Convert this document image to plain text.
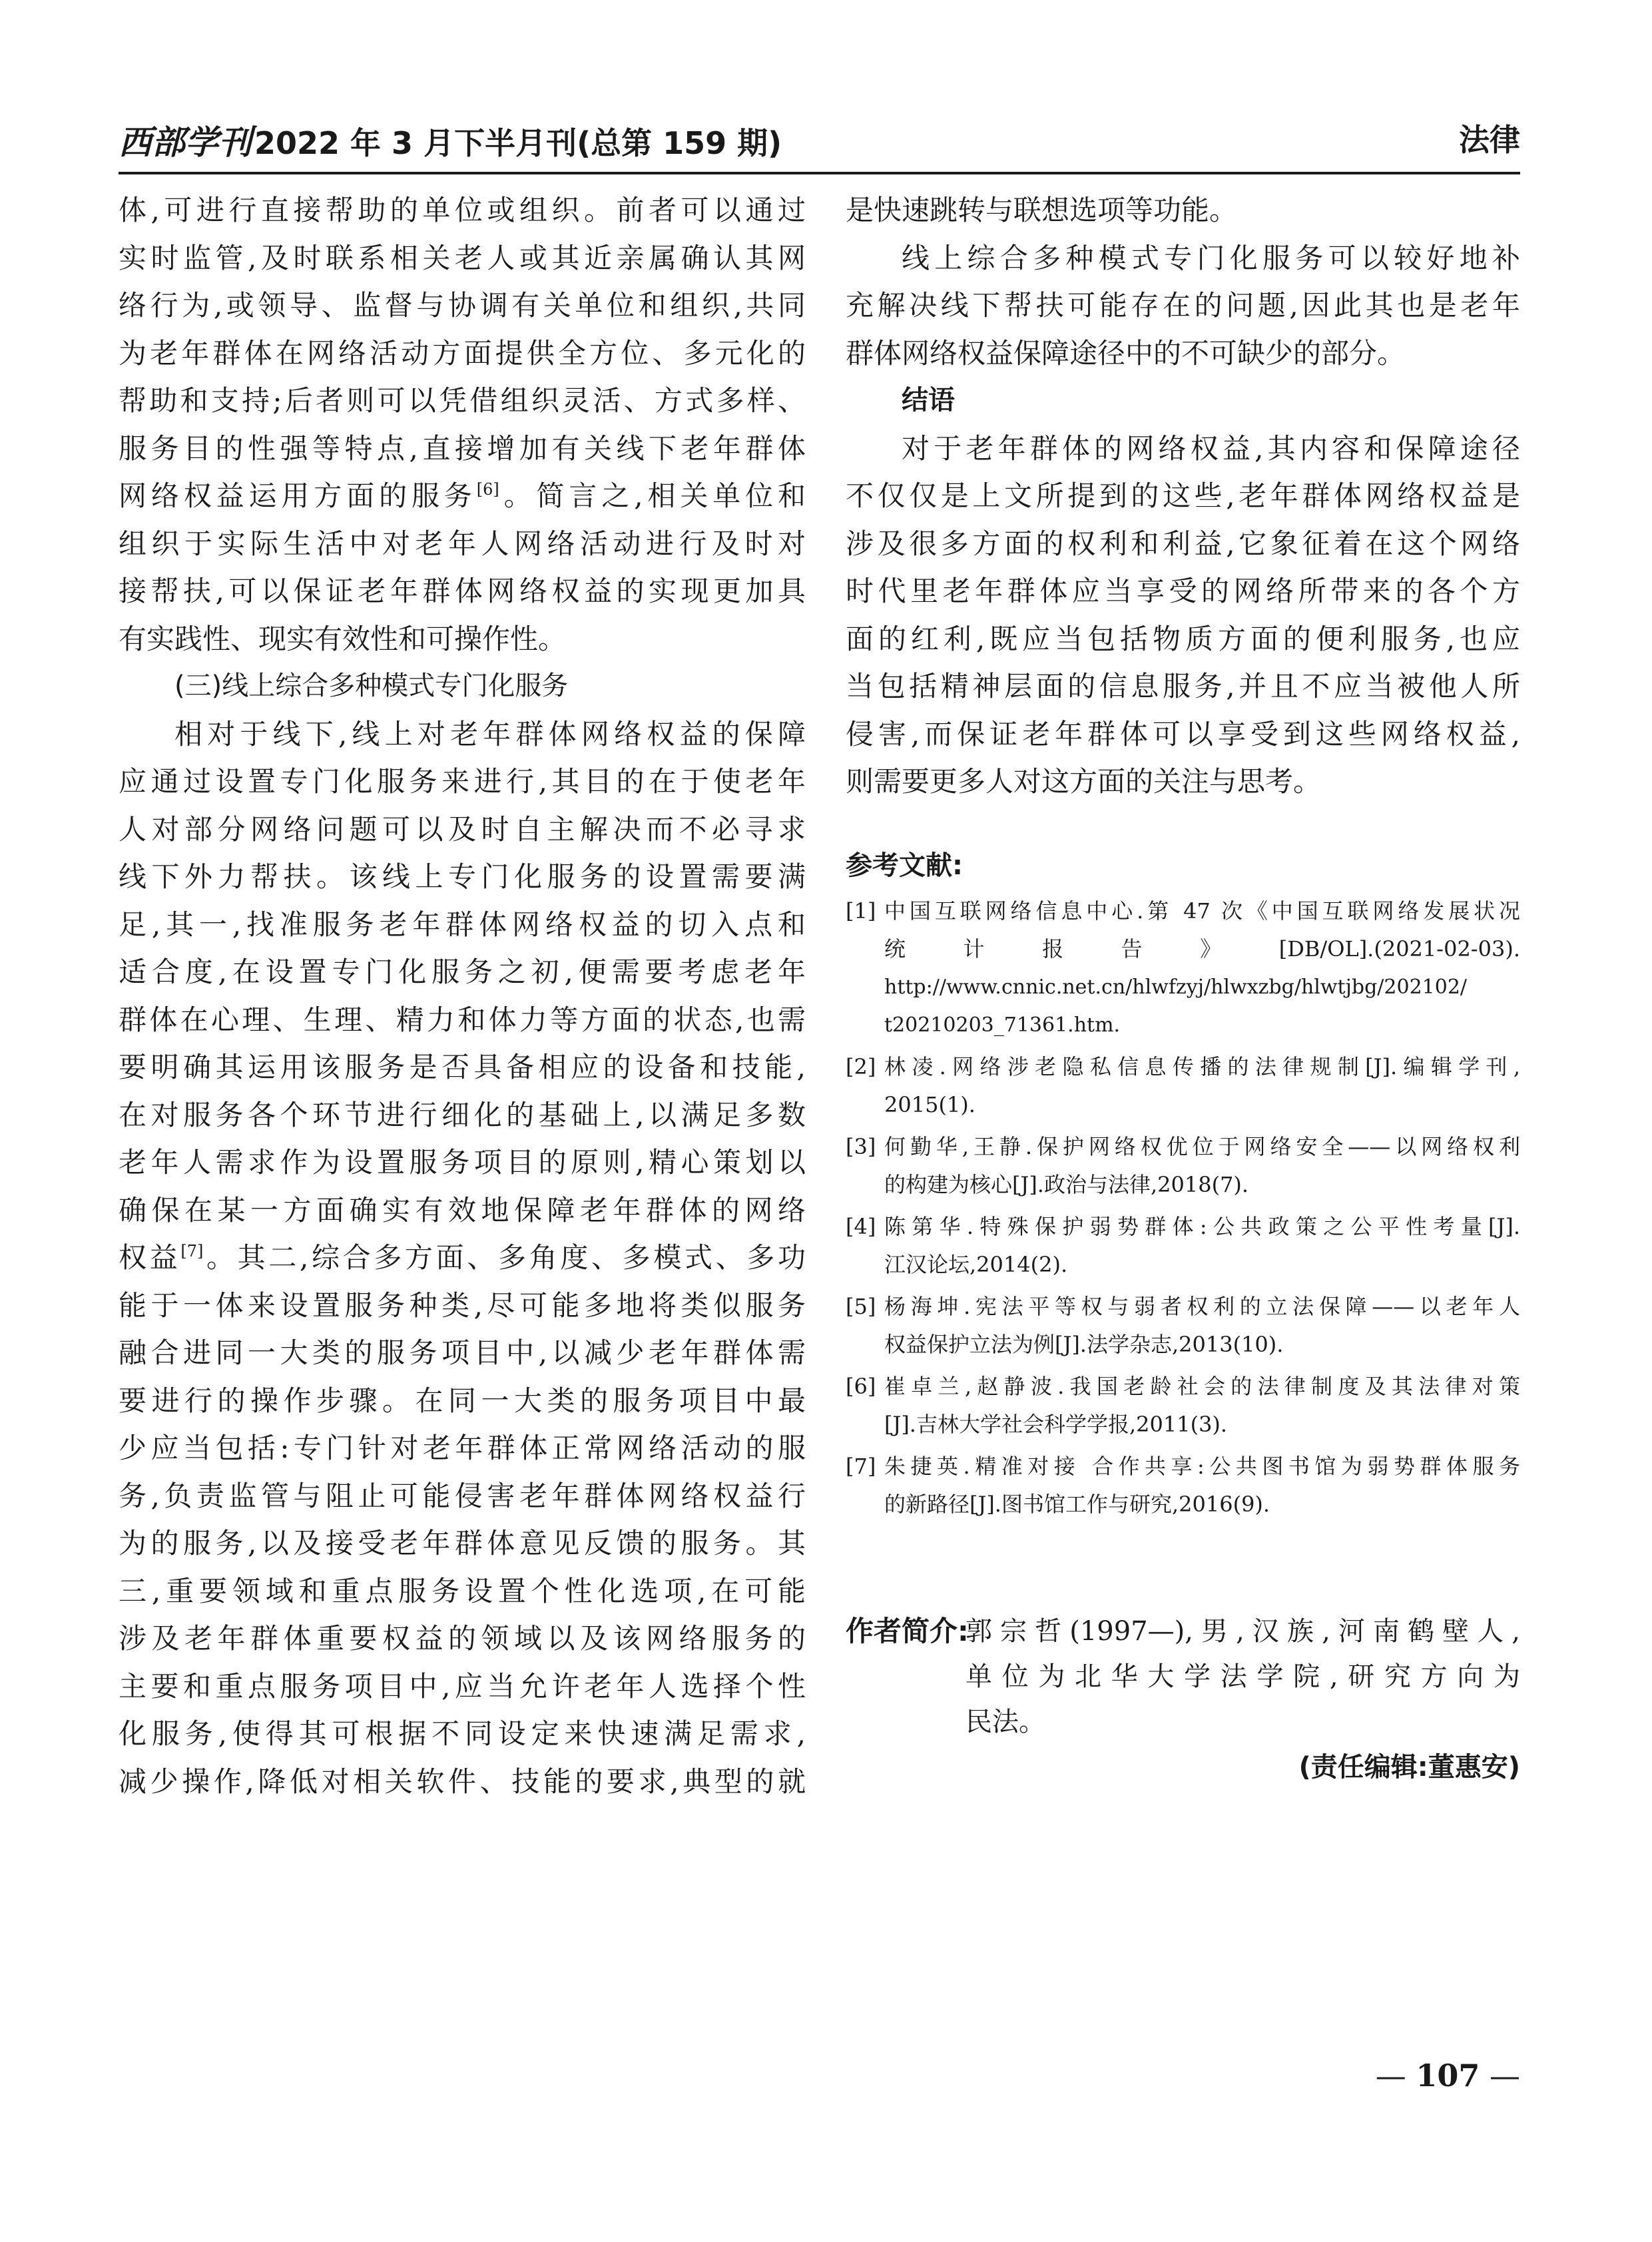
西部学刊2022 年 3 月下半月刊(总第 159 期)	法律

体,可进行直接帮助的单位或组织。前者可以通过

实时监管,及时联系相关老人或其近亲属确认其网

络行为,或领导、监督与协调有关单位和组织,共同

为老年群体在网络活动方面提供全方位、多元化的

帮助和支持;后者则可以凭借组织灵活、方式多样、

服务目的性强等特点,直接增加有关线下老年群体

网络权益运用方面的服务[6]。简言之,相关单位和

组织于实际生活中对老年人网络活动进行及时对

接帮扶,可以保证老年群体网络权益的实现更加具

有实践性、现实有效性和可操作性。

(三)线上综合多种模式专门化服务

相对于线下,线上对老年群体网络权益的保障

应通过设置专门化服务来进行,其目的在于使老年

人对部分网络问题可以及时自主解决而不必寻求

线下外力帮扶。该线上专门化服务的设置需要满

足,其一,找准服务老年群体网络权益的切入点和

适合度,在设置专门化服务之初,便需要考虑老年

群体在心理、生理、精力和体力等方面的状态,也需

要明确其运用该服务是否具备相应的设备和技能,

在对服务各个环节进行细化的基础上,以满足多数

老年人需求作为设置服务项目的原则,精心策划以

确保在某一方面确实有效地保障老年群体的网络

权益[7]。其二,综合多方面、多角度、多模式、多功

能于一体来设置服务种类,尽可能多地将类似服务

融合进同一大类的服务项目中,以减少老年群体需

要进行的操作步骤。在同一大类的服务项目中最

少应当包括:专门针对老年群体正常网络活动的服

务,负责监管与阻止可能侵害老年群体网络权益行

为的服务,以及接受老年群体意见反馈的服务。其

三,重要领域和重点服务设置个性化选项,在可能

涉及老年群体重要权益的领域以及该网络服务的

主要和重点服务项目中,应当允许老年人选择个性

化服务,使得其可根据不同设定来快速满足需求,

减少操作,降低对相关软件、技能的要求,典型的就

是快速跳转与联想选项等功能。

线上综合多种模式专门化服务可以较好地补

充解决线下帮扶可能存在的问题,因此其也是老年

群体网络权益保障途径中的不可缺少的部分。

结语

对于老年群体的网络权益,其内容和保障途径

不仅仅是上文所提到的这些,老年群体网络权益是

涉及很多方面的权利和利益,它象征着在这个网络

时代里老年群体应当享受的网络所带来的各个方

面的红利,既应当包括物质方面的便利服务,也应

当包括精神层面的信息服务,并且不应当被他人所

侵害,而保证老年群体可以享受到这些网络权益,

则需要更多人对这方面的关注与思考。

参考文献:
[1] 中国互联网络信息中心.第 47 次《中国互联网络发展状况
统计报告》[DB/OL].(2021-02-03).
http://www.cnnic.net.cn/hlwfzyj/hlwxzbg/hlwtjbg/202102/
t20210203_71361.htm.
[2] 林凌.网络涉老隐私信息传播的法律规制[J].编辑学刊,
2015(1).
[3] 何勤华,王静.保护网络权优位于网络安全——以网络权利
的构建为核心[J].政治与法律,2018(7).
[4] 陈第华.特殊保护弱势群体:公共政策之公平性考量[J].
江汉论坛,2014(2).
[5] 杨海坤.宪法平等权与弱者权利的立法保障——以老年人
权益保护立法为例[J].法学杂志,2013(10).
[6] 崔卓兰,赵静波.我国老龄社会的法律制度及其法律对策
[J].吉林大学社会科学学报,2011(3).
[7] 朱捷英.精准对接 合作共享:公共图书馆为弱势群体服务
的新路径[J].图书馆工作与研究,2016(9).
作者简介:
郭宗哲(1997—),男,汉族,河南鹤壁人,
单位为北华大学法学院,研究方向为
民法。
(责任编辑:董惠安)
— 107 —
